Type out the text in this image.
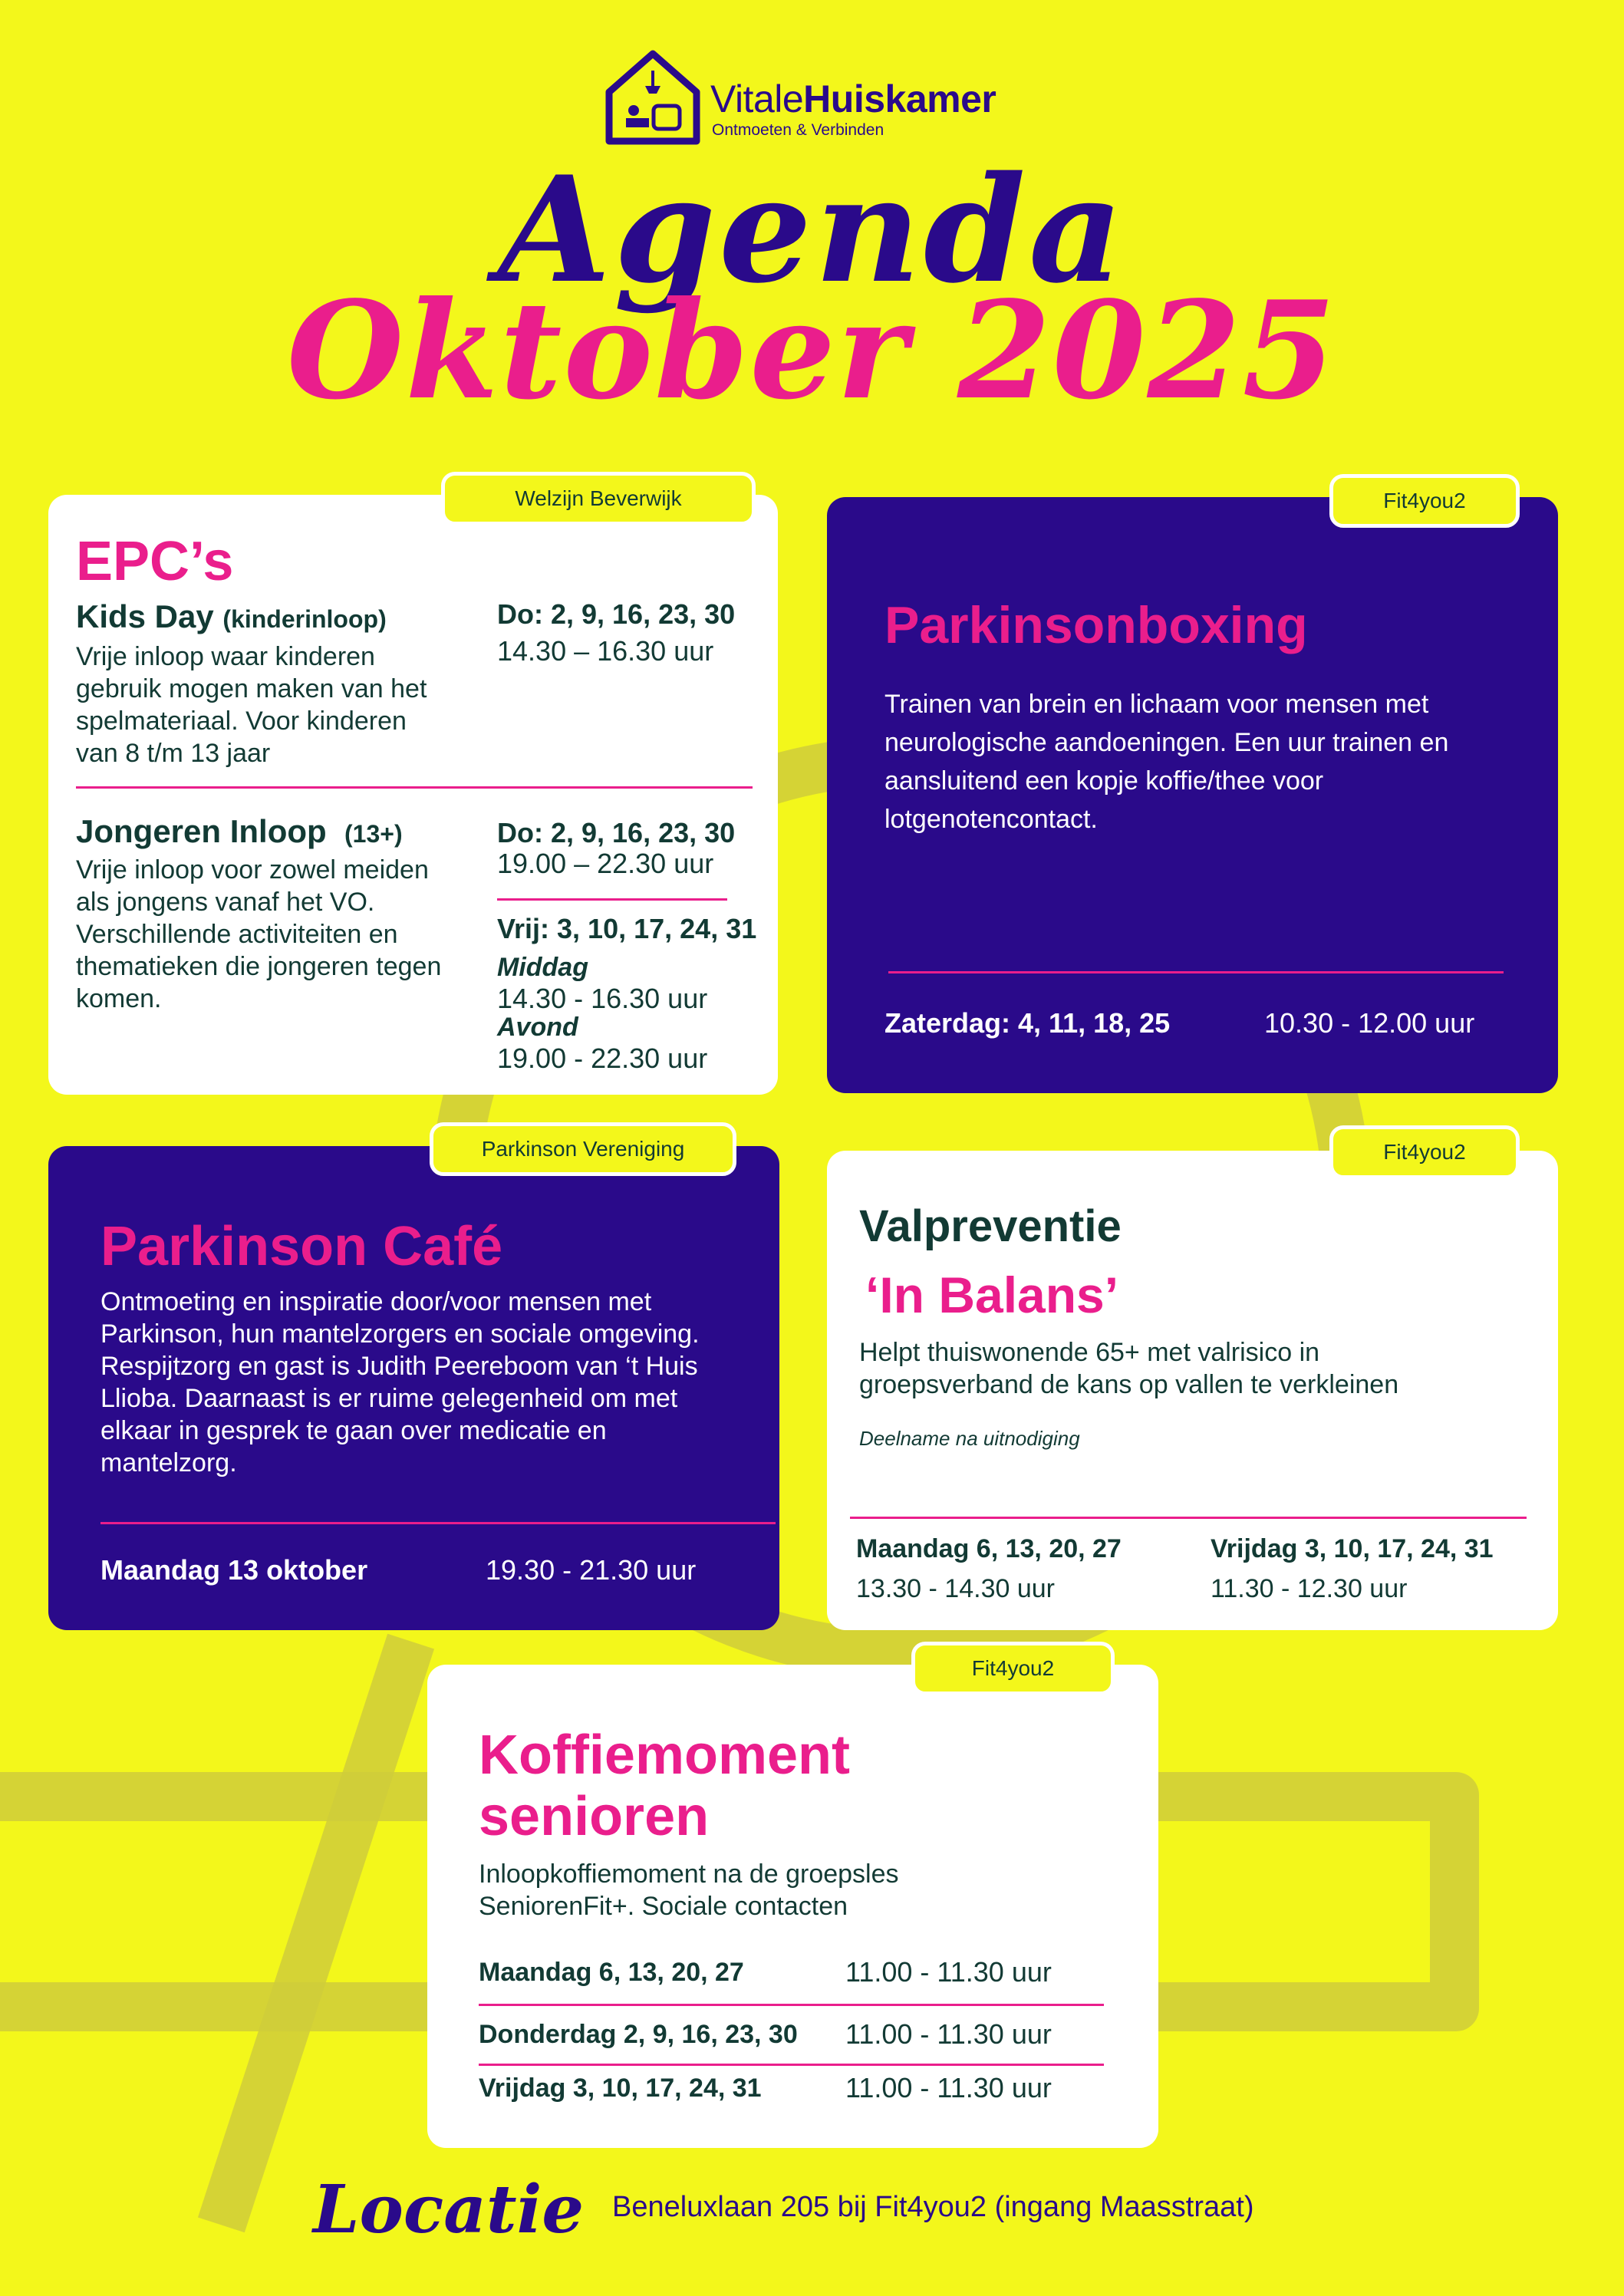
VitaleHuiskamer
Ontmoeten & Verbinden
Agenda
Oktober 2025
EPC’s
Kids Day (kinderinloop)
Vrije inloop waar kinderen gebruik mogen maken van het spelmateriaal. Voor kinderen van 8 t/m 13 jaar
Do: 2, 9, 16, 23, 30
14.30 – 16.30 uur
Jongeren Inloop (13+)
Vrije inloop voor zowel meiden als jongens vanaf het VO. Verschillende activiteiten en thematieken die jongeren tegen komen.
Do: 2, 9, 16, 23, 30
19.00 – 22.30 uur
Vrij: 3, 10, 17, 24, 31
Middag
14.30 - 16.30 uur
Avond
19.00 - 22.30 uur
Welzijn Beverwijk
Parkinsonboxing
Trainen van brein en lichaam voor mensen met neurologische aandoeningen. Een uur trainen en aansluitend een kopje koffie/thee voor lotgenotencontact.
Zaterdag: 4, 11, 18, 25	10.30 - 12.00 uur
Fit4you2
Parkinson Café
Ontmoeting en inspiratie door/voor mensen met Parkinson, hun mantelzorgers en sociale omgeving. Respijtzorg en gast is Judith Peereboom van ‘t Huis Llioba. Daarnaast is er ruime gelegenheid om met elkaar in gesprek te gaan over medicatie en mantelzorg.
Maandag 13 oktober	19.30 - 21.30 uur
Parkinson Vereniging
Valpreventie
‘In Balans’
Helpt thuiswonende 65+ met valrisico in groepsverband de kans op vallen te verkleinen
Deelname na uitnodiging
Maandag 6, 13, 20, 27
13.30 - 14.30 uur
Vrijdag 3, 10, 17, 24, 31
11.30 - 12.30 uur
Fit4you2
Koffiemoment
senioren
Inloopkoffiemoment na de groepsles SeniorenFit+. Sociale contacten
Maandag 6, 13, 20, 27	11.00 - 11.30 uur
Donderdag 2, 9, 16, 23, 30 11.00 - 11.30 uur
Vrijdag 3, 10, 17, 24, 31	11.00 - 11.30 uur
Fit4you2
Locatie Beneluxlaan 205 bij Fit4you2 (ingang Maasstraat)
